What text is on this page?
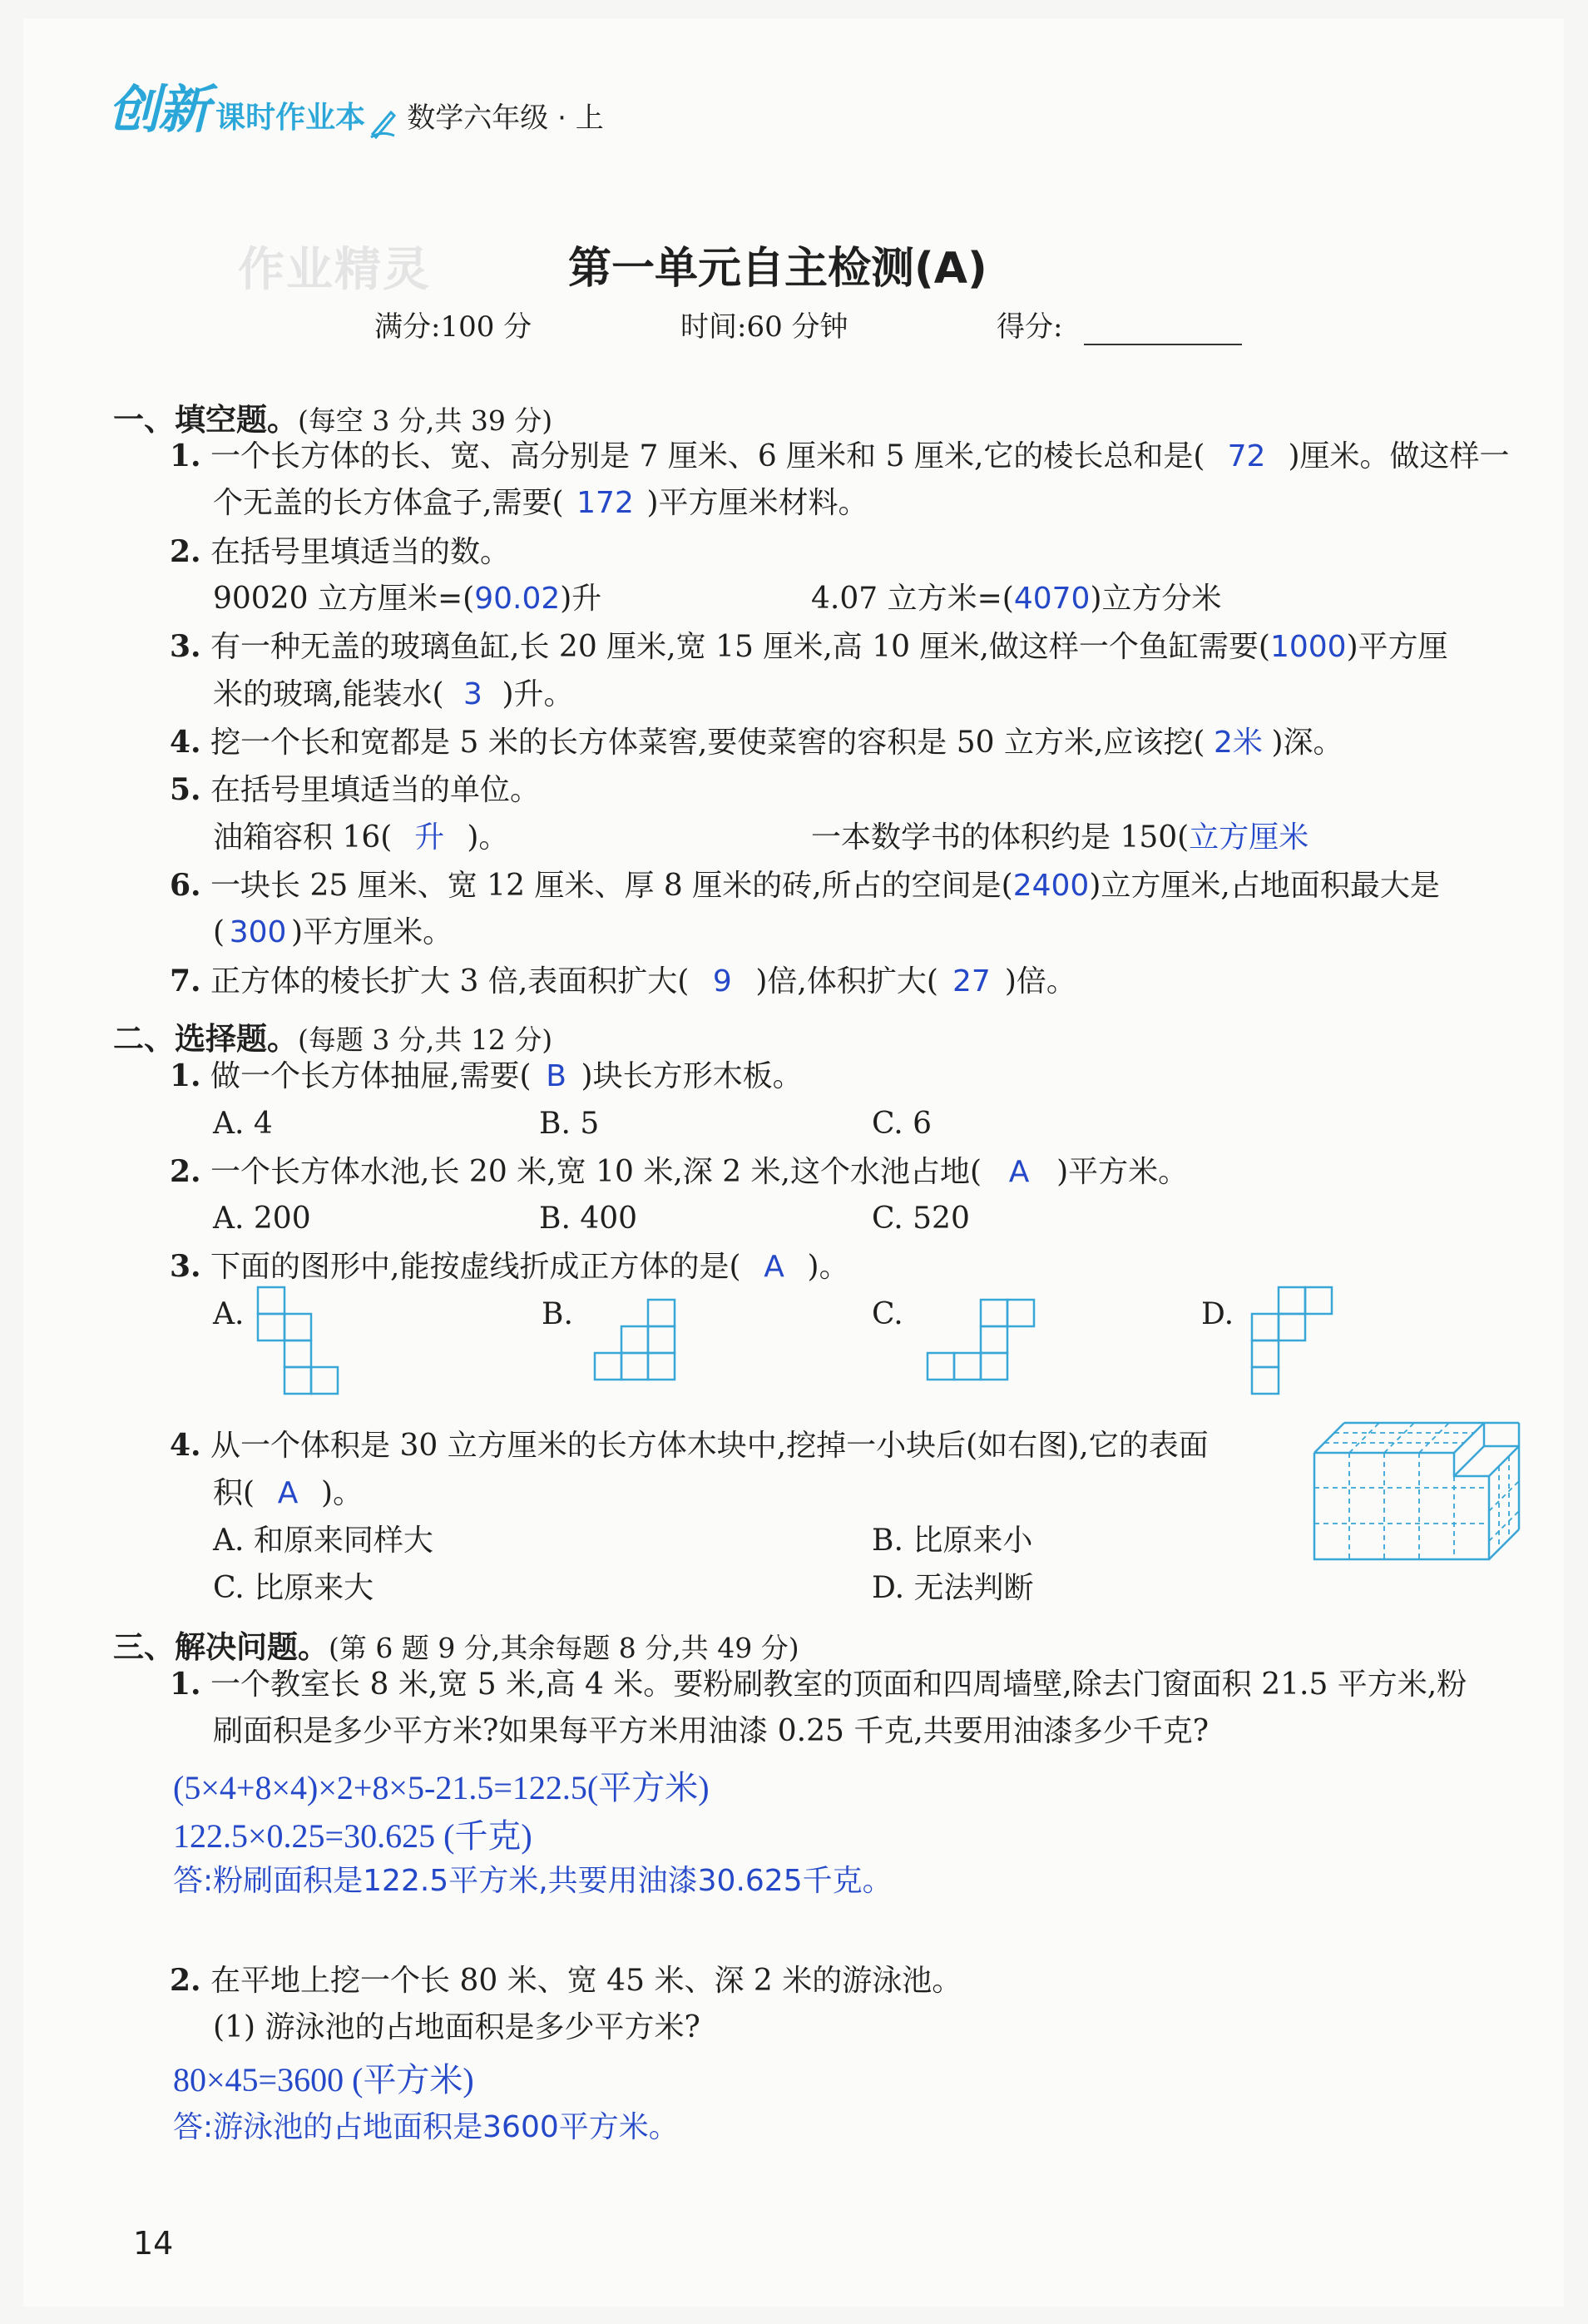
创新 课时作业本 数学六年级 · 上
作业精灵	第一单元自主检测(A)
满分:100 分	时间:60 分钟	得分:
一、填空题。(每空 3 分,共 39 分)
1. 一个长方体的长、宽、高分别是 7 厘米、6 厘米和 5 厘米,它的棱长总和是( 72 )厘米。做这样一
个无盖的长方体盒子,需要( 172 )平方厘米材料。
2. 在括号里填适当的数。
90020 立方厘米=(90.02)升	4.07 立方米=(4070)立方分米
3. 有一种无盖的玻璃鱼缸,长 20 厘米,宽 15 厘米,高 10 厘米,做这样一个鱼缸需要(1000)平方厘
米的玻璃,能装水( 3 )升。
4. 挖一个长和宽都是 5 米的长方体菜窖,要使菜窖的容积是 50 立方米,应该挖( 2米 )深。
5. 在括号里填适当的单位。
油箱容积 16( 升 )。	一本数学书的体积约是 150(立方厘米
6. 一块长 25 厘米、宽 12 厘米、厚 8 厘米的砖,所占的空间是(2400)立方厘米,占地面积最大是
( 300 )平方厘米。
7. 正方体的棱长扩大 3 倍,表面积扩大( 9 )倍,体积扩大( 27 )倍。
二、选择题。(每题 3 分,共 12 分)
1. 做一个长方体抽屉,需要( B )块长方形木板。
A. 4	B. 5	C. 6
2. 一个长方体水池,长 20 米,宽 10 米,深 2 米,这个水池占地( A )平方米。
A. 200	B. 400	C. 520
3. 下面的图形中,能按虚线折成正方体的是( A )。
A.	B.	C.	D.
4. 从一个体积是 30 立方厘米的长方体木块中,挖掉一小块后(如右图),它的表面
积( A )。
A. 和原来同样大	B. 比原来小
C. 比原来大	D. 无法判断
三、解决问题。(第 6 题 9 分,其余每题 8 分,共 49 分)
1. 一个教室长 8 米,宽 5 米,高 4 米。要粉刷教室的顶面和四周墙壁,除去门窗面积 21.5 平方米,粉
刷面积是多少平方米?如果每平方米用油漆 0.25 千克,共要用油漆多少千克?
(5×4+8×4)×2+8×5-21.5=122.5(平方米)
122.5×0.25=30.625 (千克)
答:粉刷面积是122.5平方米,共要用油漆30.625千克。
2. 在平地上挖一个长 80 米、宽 45 米、深 2 米的游泳池。
(1) 游泳池的占地面积是多少平方米?
80×45=3600 (平方米)
答:游泳池的占地面积是3600平方米。
14
